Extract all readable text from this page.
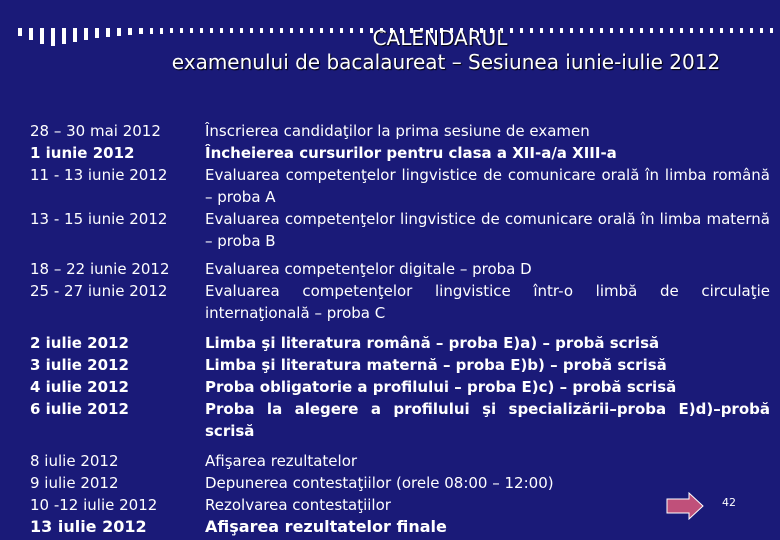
CALENDARUL
examenului de bacalaureat – Sesiunea iunie-iulie 2012
28 – 30 mai 2012
1 iunie 2012
11 - 13 iunie 2012
13 - 15 iunie 2012
18 – 22 iunie 2012
25 - 27 iunie 2012
2 iulie 2012
3 iulie 2012
4 iulie 2012
6 iulie 2012
8 iulie 2012
9 iulie 2012
10 -12 iulie 2012
13 iulie 2012
Înscrierea candidaţilor la prima sesiune de examen
Încheierea cursurilor pentru clasa a XII-a/a XIII-a
Evaluarea competenţelor lingvistice de comunicare orală în limba română – proba A
Evaluarea competenţelor lingvistice de comunicare orală în limba maternă – proba B
Evaluarea competenţelor digitale – proba D
Evaluarea competenţelor lingvistice într-o limbă de circulaţie internaţională – proba C
Limba şi literatura română – proba E)a) – probă scrisă
Limba şi literatura maternă – proba E)b) – probă scrisă
Proba obligatorie a profilului – proba E)c) – probă scrisă
Proba la alegere a profilului şi specializării–proba E)d)–probă scrisă
Afişarea rezultatelor
Depunerea contestaţiilor (orele 08:00 – 12:00)
Rezolvarea contestaţiilor
Afişarea rezultatelor finale
42
